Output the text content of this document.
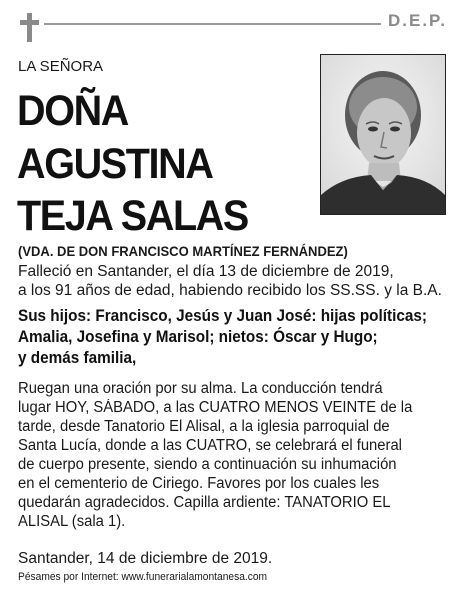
D.E.P.
LA SEÑORA
DOÑA
AGUSTINA
TEJA SALAS
(VDA. DE DON FRANCISCO MARTÍNEZ FERNÁNDEZ)
Falleció en Santander, el día 13 de diciembre de 2019,
a los 91 años de edad, habiendo recibido los SS.SS. y la B.A.
Sus hijos: Francisco, Jesús y Juan José: hijas políticas;
Amalia, Josefina y Marisol; nietos: Óscar y Hugo;
y demás familia,
Ruegan una oración por su alma. La conducción tendrá
lugar HOY, SÁBADO, a las CUATRO MENOS VEINTE de la
tarde, desde Tanatorio El Alisal, a la iglesia parroquial de
Santa Lucía, donde a las CUATRO, se celebrará el funeral
de cuerpo presente, siendo a continuación su inhumación
en el cementerio de Ciriego. Favores por los cuales les
quedarán agradecidos. Capilla ardiente: TANATORIO EL
ALISAL (sala 1).
Santander, 14 de diciembre de 2019.
Pésames por Internet: www.funerarialamontanesa.com
